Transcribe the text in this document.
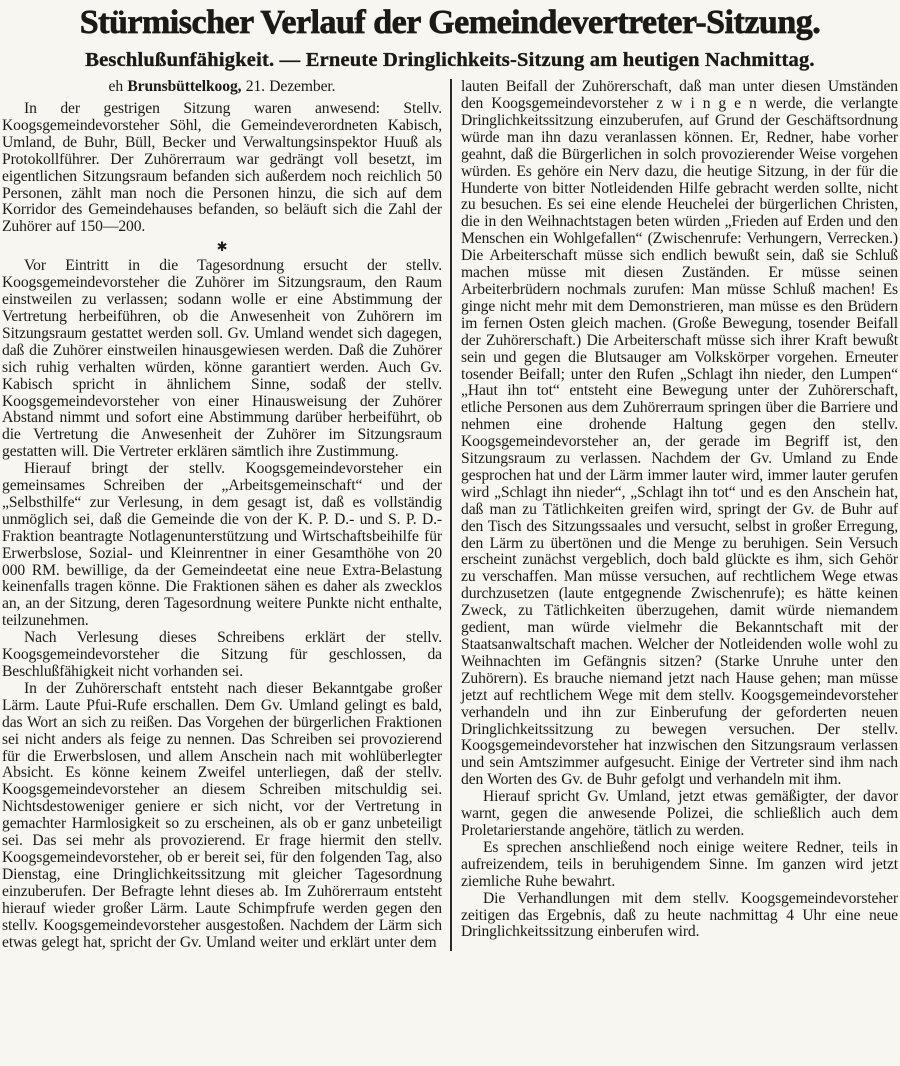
Stürmischer Verlauf der Gemeindevertreter-Sitzung.
Beschlußunfähigkeit. — Erneute Dringlichkeits-Sitzung am heutigen Nachmittag.

eh Brunsbüttelkoog, 21. Dezember.

In der gestrigen Sitzung waren anwesend: Stellv. Koogsgemeindevorsteher Söhl, die Gemeindeverordneten Kabisch, Umland, de Buhr, Büll, Becker und Verwaltungsinspektor Huuß als Protokollführer. Der Zuhörerraum war gedrängt voll besetzt, im eigentlichen Sitzungsraum befanden sich außerdem noch reichlich 50 Personen, zählt man noch die Personen hinzu, die sich auf dem Korridor des Gemeindehauses befanden, so beläuft sich die Zahl der Zuhörer auf 150—200.

✱

Vor Eintritt in die Tagesordnung ersucht der stellv. Koogsgemeindevorsteher die Zuhörer im Sitzungsraum, den Raum einstweilen zu verlassen; sodann wolle er eine Abstimmung der Vertretung herbeiführen, ob die Anwesenheit von Zuhörern im Sitzungsraum gestattet werden soll. Gv. Umland wendet sich dagegen, daß die Zuhörer einstweilen hinausgewiesen werden. Daß die Zuhörer sich ruhig verhalten würden, könne garantiert werden. Auch Gv. Kabisch spricht in ähnlichem Sinne, sodaß der stellv. Koogsgemeindevorsteher von einer Hinausweisung der Zuhörer Abstand nimmt und sofort eine Abstimmung darüber herbeiführt, ob die Vertretung die Anwesenheit der Zuhörer im Sitzungsraum gestatten will. Die Vertreter erklären sämtlich ihre Zustimmung.

Hierauf bringt der stellv. Koogsgemeindevorsteher ein gemeinsames Schreiben der „Arbeitsgemeinschaft“ und der „Selbsthilfe“ zur Verlesung, in dem gesagt ist, daß es vollständig unmöglich sei, daß die Gemeinde die von der K. P. D.- und S. P. D.-Fraktion beantragte Notlagenunterstützung und Wirtschaftsbeihilfe für Erwerbslose, Sozial- und Kleinrentner in einer Gesamthöhe von 20 000 RM. bewillige, da der Gemeindeetat eine neue Extra-Belastung keinenfalls tragen könne. Die Fraktionen sähen es daher als zwecklos an, an der Sitzung, deren Tagesordnung weitere Punkte nicht enthalte, teilzunehmen.

Nach Verlesung dieses Schreibens erklärt der stellv. Koogsgemeindevorsteher die Sitzung für geschlossen, da Beschlußfähigkeit nicht vorhanden sei.

In der Zuhörerschaft entsteht nach dieser Bekanntgabe großer Lärm. Laute Pfui-Rufe erschallen. Dem Gv. Umland gelingt es bald, das Wort an sich zu reißen. Das Vorgehen der bürgerlichen Fraktionen sei nicht anders als feige zu nennen. Das Schreiben sei provozierend für die Erwerbslosen, und allem Anschein nach mit wohlüberlegter Absicht. Es könne keinem Zweifel unterliegen, daß der stellv. Koogsgemeindevorsteher an diesem Schreiben mitschuldig sei. Nichtsdestoweniger geniere er sich nicht, vor der Vertretung in gemachter Harmlosigkeit so zu erscheinen, als ob er ganz unbeteiligt sei. Das sei mehr als provozierend. Er frage hiermit den stellv. Koogsgemeindevorsteher, ob er bereit sei, für den folgenden Tag, also Dienstag, eine Dringlichkeitssitzung mit gleicher Tagesordnung einzuberufen. Der Befragte lehnt dieses ab. Im Zuhörerraum entsteht hierauf wieder großer Lärm. Laute Schimpfrufe werden gegen den stellv. Koogsgemeindevorsteher ausgestoßen. Nachdem der Lärm sich etwas gelegt hat, spricht der Gv. Umland weiter und erklärt unter dem

lauten Beifall der Zuhörerschaft, daß man unter diesen Umständen den Koogsgemeindevorsteher z w i n g e n werde, die verlangte Dringlichkeitssitzung einzuberufen, auf Grund der Geschäftsordnung würde man ihn dazu veranlassen können. Er, Redner, habe vorher geahnt, daß die Bürgerlichen in solch provozierender Weise vorgehen würden. Es gehöre ein Nerv dazu, die heutige Sitzung, in der für die Hunderte von bitter Notleidenden Hilfe gebracht werden sollte, nicht zu besuchen. Es sei eine elende Heuchelei der bürgerlichen Christen, die in den Weihnachtstagen beten würden „Frieden auf Erden und den Menschen ein Wohlgefallen“ (Zwischenrufe: Verhungern, Verrecken.) Die Arbeiterschaft müsse sich endlich bewußt sein, daß sie Schluß machen müsse mit diesen Zuständen. Er müsse seinen Arbeiterbrüdern nochmals zurufen: Man müsse Schluß machen! Es ginge nicht mehr mit dem Demonstrieren, man müsse es den Brüdern im fernen Osten gleich machen. (Große Bewegung, tosender Beifall der Zuhörerschaft.) Die Arbeiterschaft müsse sich ihrer Kraft bewußt sein und gegen die Blutsauger am Volkskörper vorgehen. Erneuter tosender Beifall; unter den Rufen „Schlagt ihn nieder, den Lumpen“ „Haut ihn tot“ entsteht eine Bewegung unter der Zuhörerschaft, etliche Personen aus dem Zuhörerraum springen über die Barriere und nehmen eine drohende Haltung gegen den stellv. Koogsgemeindevorsteher an, der gerade im Begriff ist, den Sitzungsraum zu verlassen. Nachdem der Gv. Umland zu Ende gesprochen hat und der Lärm immer lauter wird, immer lauter gerufen wird „Schlagt ihn nieder“, „Schlagt ihn tot“ und es den Anschein hat, daß man zu Tätlichkeiten greifen wird, springt der Gv. de Buhr auf den Tisch des Sitzungssaales und versucht, selbst in großer Erregung, den Lärm zu übertönen und die Menge zu beruhigen. Sein Versuch erscheint zunächst vergeblich, doch bald glückte es ihm, sich Gehör zu verschaffen. Man müsse versuchen, auf rechtlichem Wege etwas durchzusetzen (laute entgegnende Zwischenrufe); es hätte keinen Zweck, zu Tätlichkeiten überzugehen, damit würde niemandem gedient, man würde vielmehr die Bekanntschaft mit der Staatsanwaltschaft machen. Welcher der Notleidenden wolle wohl zu Weihnachten im Gefängnis sitzen? (Starke Unruhe unter den Zuhörern). Es brauche niemand jetzt nach Hause gehen; man müsse jetzt auf rechtlichem Wege mit dem stellv. Koogsgemeindevorsteher verhandeln und ihn zur Einberufung der geforderten neuen Dringlichkeitssitzung zu bewegen versuchen. Der stellv. Koogsgemeindevorsteher hat inzwischen den Sitzungsraum verlassen und sein Amtszimmer aufgesucht. Einige der Vertreter sind ihm nach den Worten des Gv. de Buhr gefolgt und verhandeln mit ihm.

Hierauf spricht Gv. Umland, jetzt etwas gemäßigter, der davor warnt, gegen die anwesende Polizei, die schließlich auch dem Proletarierstande angehöre, tätlich zu werden.

Es sprechen anschließend noch einige weitere Redner, teils in aufreizendem, teils in beruhigendem Sinne. Im ganzen wird jetzt ziemliche Ruhe bewahrt.

Die Verhandlungen mit dem stellv. Koogsgemeindevorsteher zeitigen das Ergebnis, daß zu heute nachmittag 4 Uhr eine neue Dringlichkeitssitzung einberufen wird.
